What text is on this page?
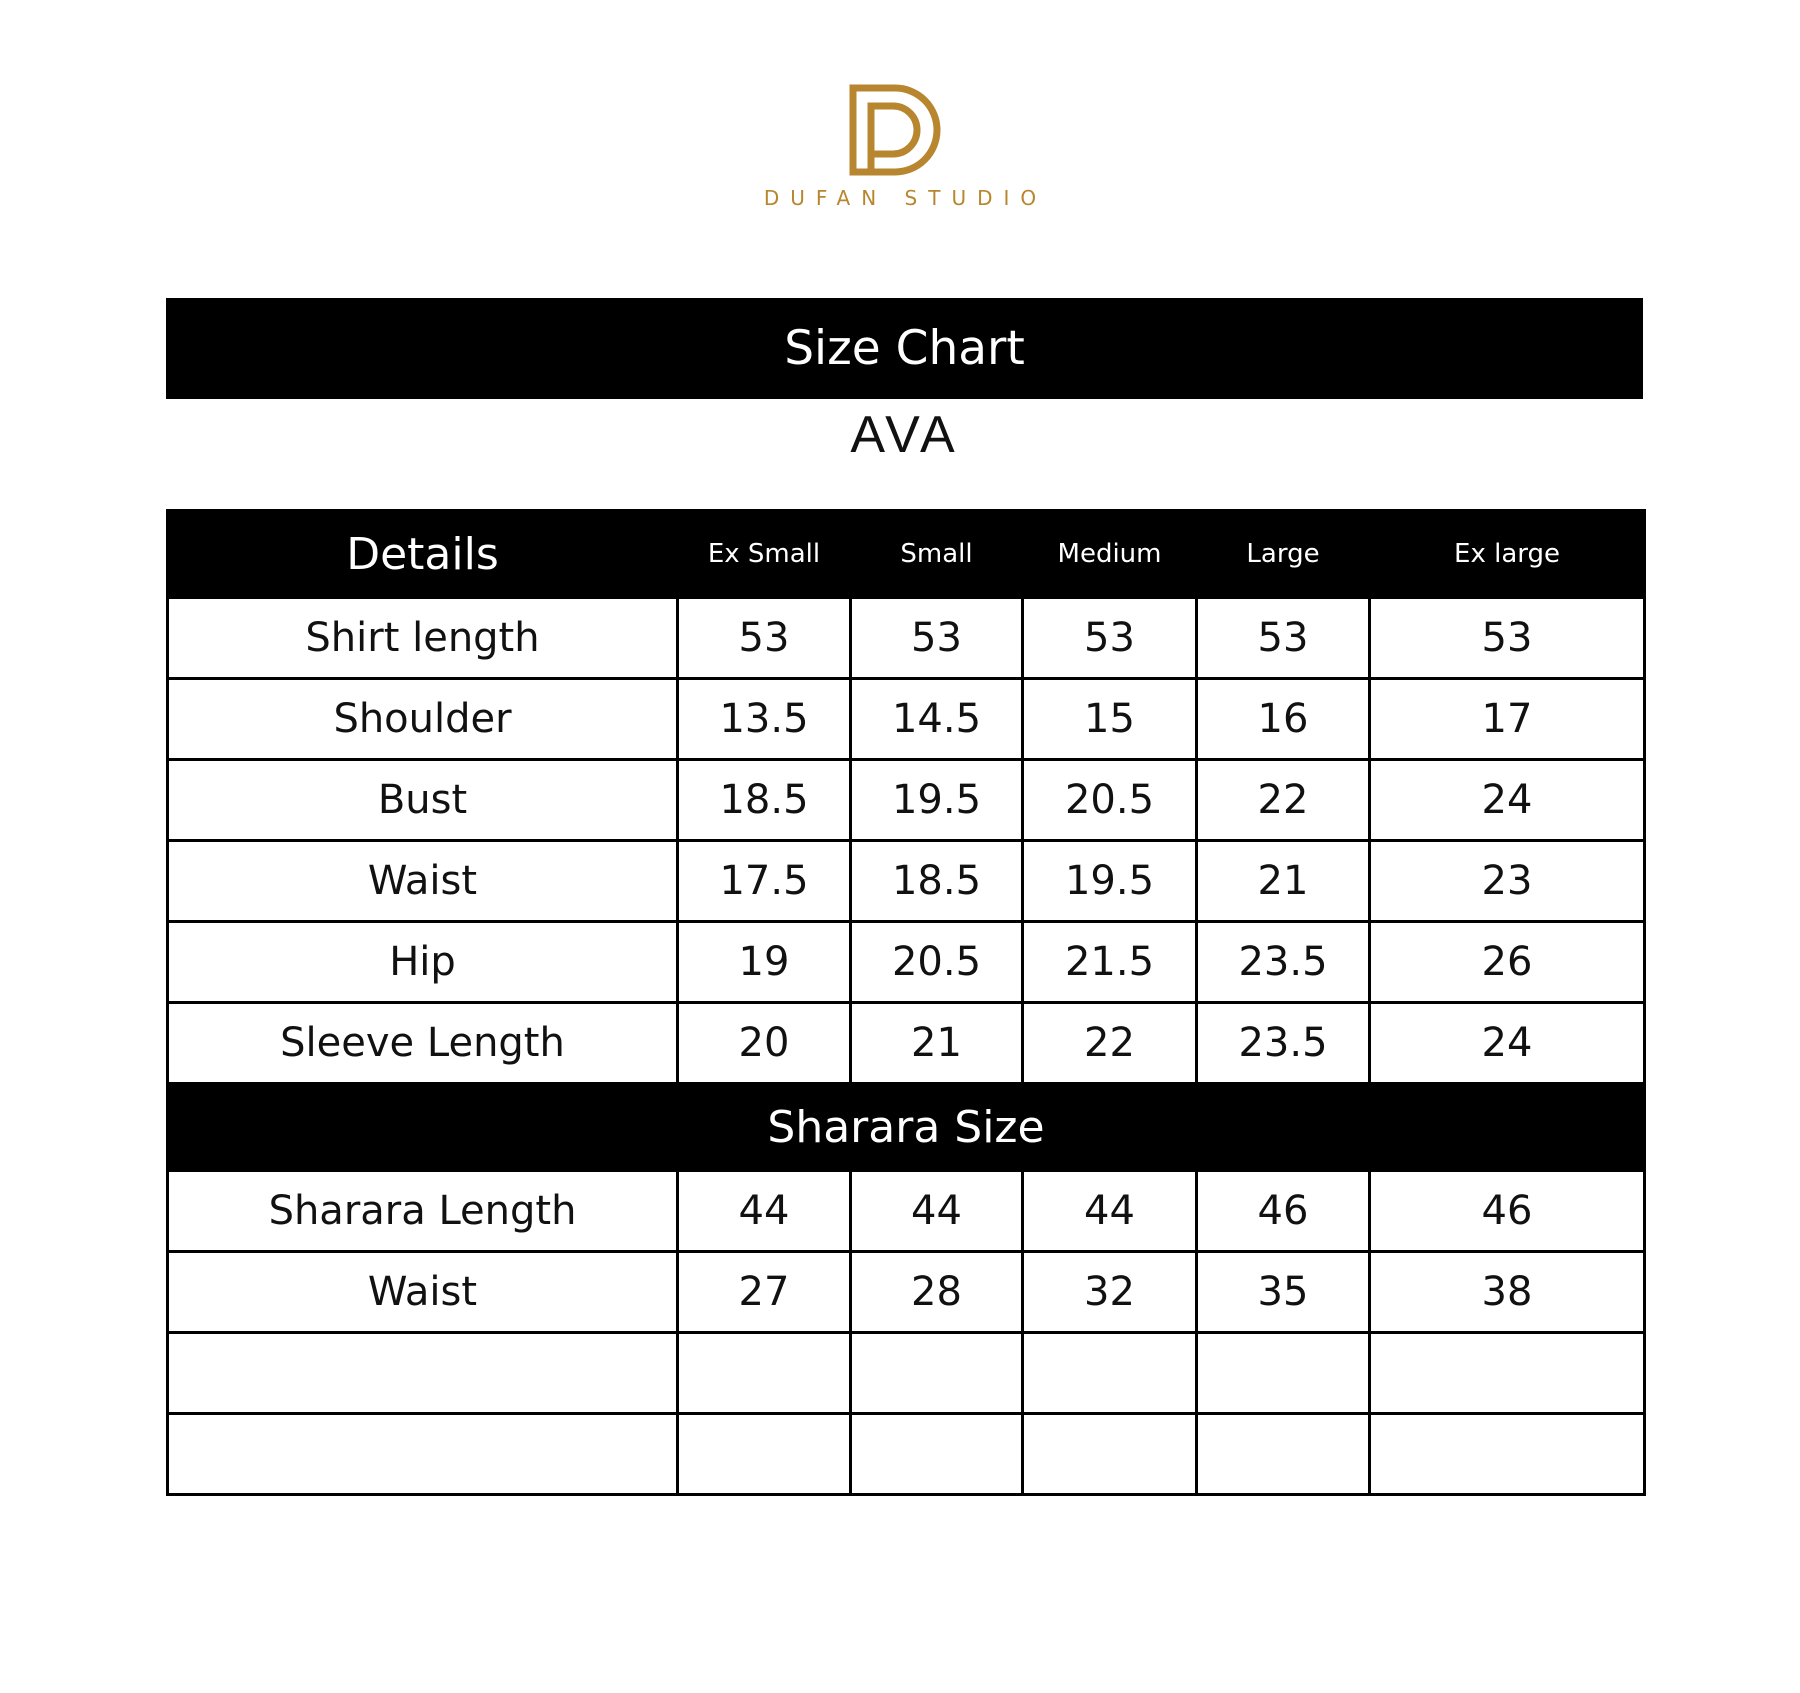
DUFAN STUDIO
Size Chart
AVA
Details	Ex Small	Small	Medium	Large	Ex large
Shirt length	53	53	53	53	53
Shoulder	13.5	14.5	15	16	17
Bust	18.5	19.5	20.5	22	24
Waist	17.5	18.5	19.5	21	23
Hip	19	20.5	21.5	23.5	26
Sleeve Length	20	21	22	23.5	24
Sharara Size					
Sharara Length	44	44	44	46	46
Waist	27	28	32	35	38
